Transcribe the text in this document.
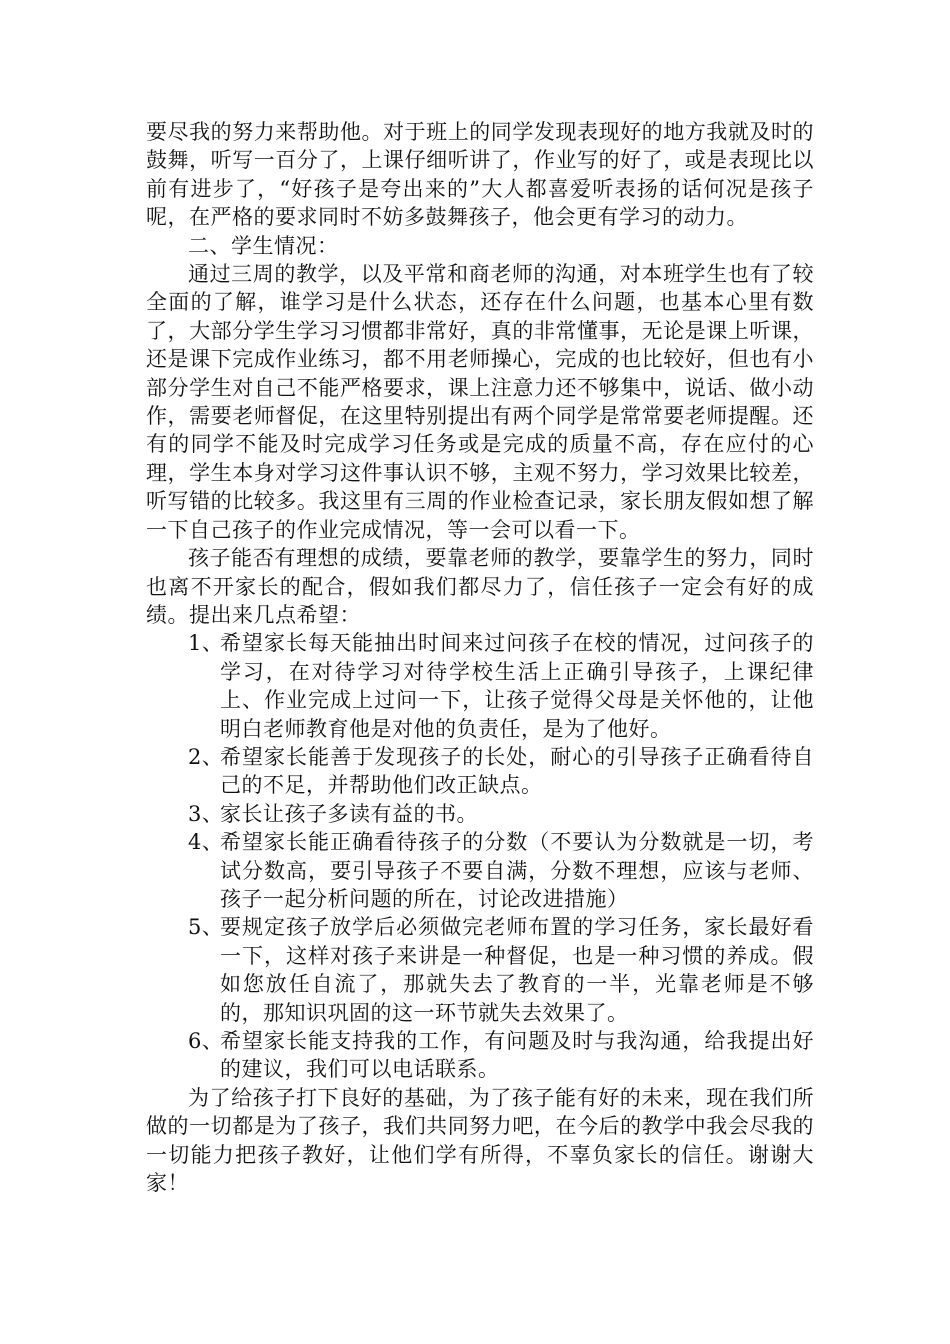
要尽我的努力来帮助他。对于班上的同学发现表现好的地方我就及时的鼓舞，听写一百分了，上课仔细听讲了，作业写的好了，或是表现比以前有进步了，“好孩子是夸出来的”大人都喜爱听表扬的话何况是孩子呢，在严格的要求同时不妨多鼓舞孩子，他会更有学习的动力。

二、学生情况：

通过三周的教学，以及平常和商老师的沟通，对本班学生也有了较全面的了解，谁学习是什么状态，还存在什么问题，也基本心里有数了，大部分学生学习习惯都非常好，真的非常懂事，无论是课上听课，还是课下完成作业练习，都不用老师操心，完成的也比较好，但也有小部分学生对自己不能严格要求，课上注意力还不够集中，说话、做小动作，需要老师督促，在这里特别提出有两个同学是常常要老师提醒。还有的同学不能及时完成学习任务或是完成的质量不高，存在应付的心理，学生本身对学习这件事认识不够，主观不努力，学习效果比较差，听写错的比较多。我这里有三周的作业检查记录，家长朋友假如想了解一下自己孩子的作业完成情况，等一会可以看一下。

孩子能否有理想的成绩，要靠老师的教学，要靠学生的努力，同时也离不开家长的配合，假如我们都尽力了，信任孩子一定会有好的成绩。提出来几点希望：

1、
希望家长每天能抽出时间来过问孩子在校的情况，过问孩子的学习，在对待学习对待学校生活上正确引导孩子，上课纪律上、作业完成上过问一下，让孩子觉得父母是关怀他的，让他明白老师教育他是对他的负责任，是为了他好。
2、
希望家长能善于发现孩子的长处，耐心的引导孩子正确看待自己的不足，并帮助他们改正缺点。
3、
家长让孩子多读有益的书。
4、
希望家长能正确看待孩子的分数（不要认为分数就是一切，考试分数高，要引导孩子不要自满，分数不理想，应该与老师、孩子一起分析问题的所在，讨论改进措施）
5、
要规定孩子放学后必须做完老师布置的学习任务，家长最好看一下，这样对孩子来讲是一种督促，也是一种习惯的养成。假如您放任自流了，那就失去了教育的一半，光靠老师是不够的，那知识巩固的这一环节就失去效果了。
6、
希望家长能支持我的工作，有问题及时与我沟通，给我提出好的建议，我们可以电话联系。

为了给孩子打下良好的基础，为了孩子能有好的未来，现在我们所做的一切都是为了孩子，我们共同努力吧，在今后的教学中我会尽我的一切能力把孩子教好，让他们学有所得，不辜负家长的信任。谢谢大家！
